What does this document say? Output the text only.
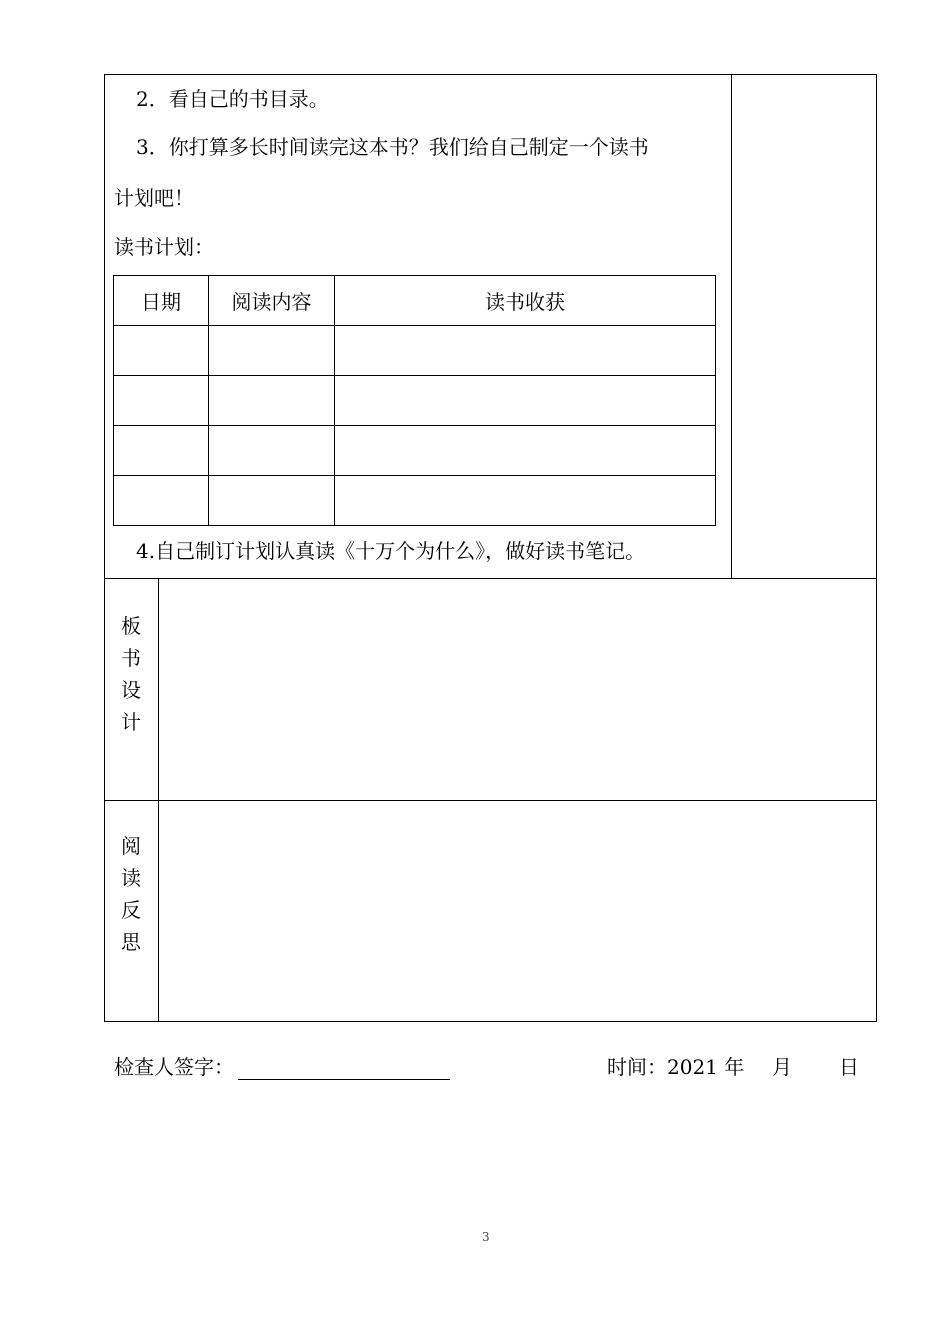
2．看自己的书目录。
3．你打算多长时间读完这本书？我们给自己制定一个读书
计划吧！
读书计划：
日期	阅读内容	读书收获

4.自己制订计划认真读《十万个为什么》，做好读书笔记。
板
书
设
计
阅
读
反
思
检查人签字：	时间：2021 年 月 日
3
